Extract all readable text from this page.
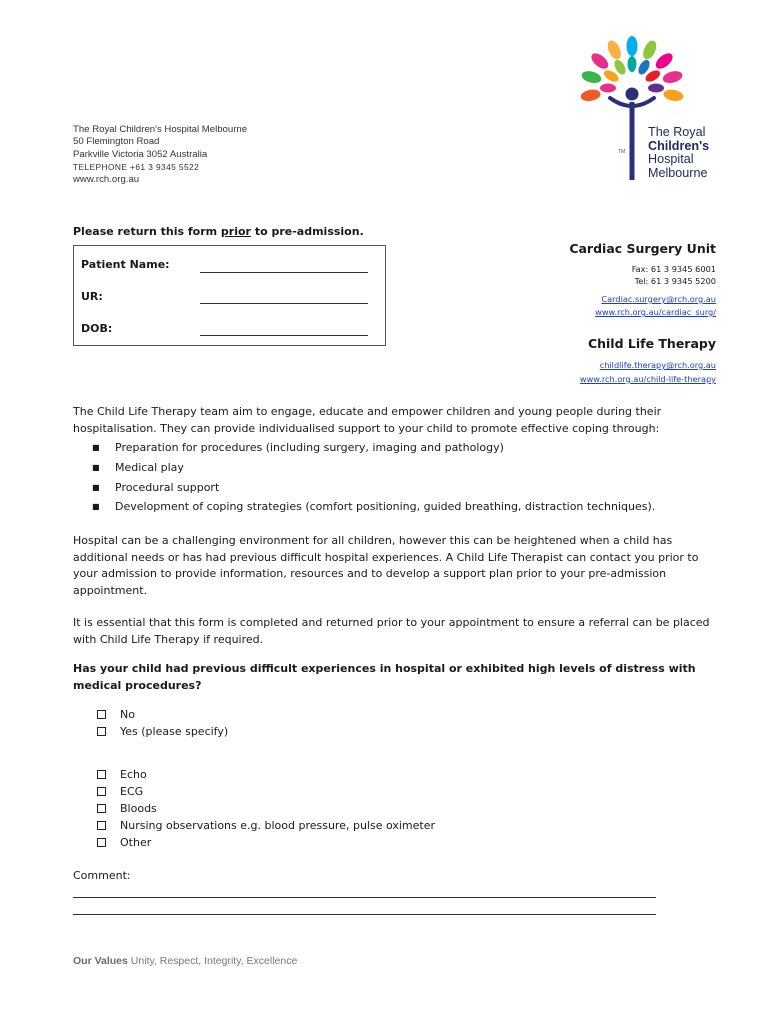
The Royal Children's Hospital Melbourne
50 Flemington Road
Parkville Victoria 3052 Australia
TELEPHONE +61 3 9345 5522
www.rch.org.au
TM
The Royal
Children's
Hospital
Melbourne
Please return this form prior to pre-admission.
Patient Name:
UR:
DOB:
Cardiac Surgery Unit
Fax: 61 3 9345 6001
Tel: 61 3 9345 5200
Cardiac.surgery@rch.org.au
www.rch.org.au/cardiac_surg/
Child Life Therapy
childlife.therapy@rch.org.au
www.rch.org.au/child-life-therapy
The Child Life Therapy team aim to engage, educate and empower children and young people during their hospitalisation. They can provide individualised support to your child to promote effective coping through:
■	Preparation for procedures (including surgery, imaging and pathology)
■	Medical play
■	Procedural support
■	Development of coping strategies (comfort positioning, guided breathing, distraction techniques).
Hospital can be a challenging environment for all children, however this can be heightened when a child has additional needs or has had previous difficult hospital experiences. A Child Life Therapist can contact you prior to your admission to provide information, resources and to develop a support plan prior to your pre-admission appointment.
It is essential that this form is completed and returned prior to your appointment to ensure a referral can be placed with Child Life Therapy if required.
Has your child had previous difficult experiences in hospital or exhibited high levels of distress with medical procedures?
No
Yes (please specify)
Echo
ECG
Bloods
Nursing observations e.g. blood pressure, pulse oximeter
Other
Comment:
Our Values Unity, Respect, Integrity, Excellence
